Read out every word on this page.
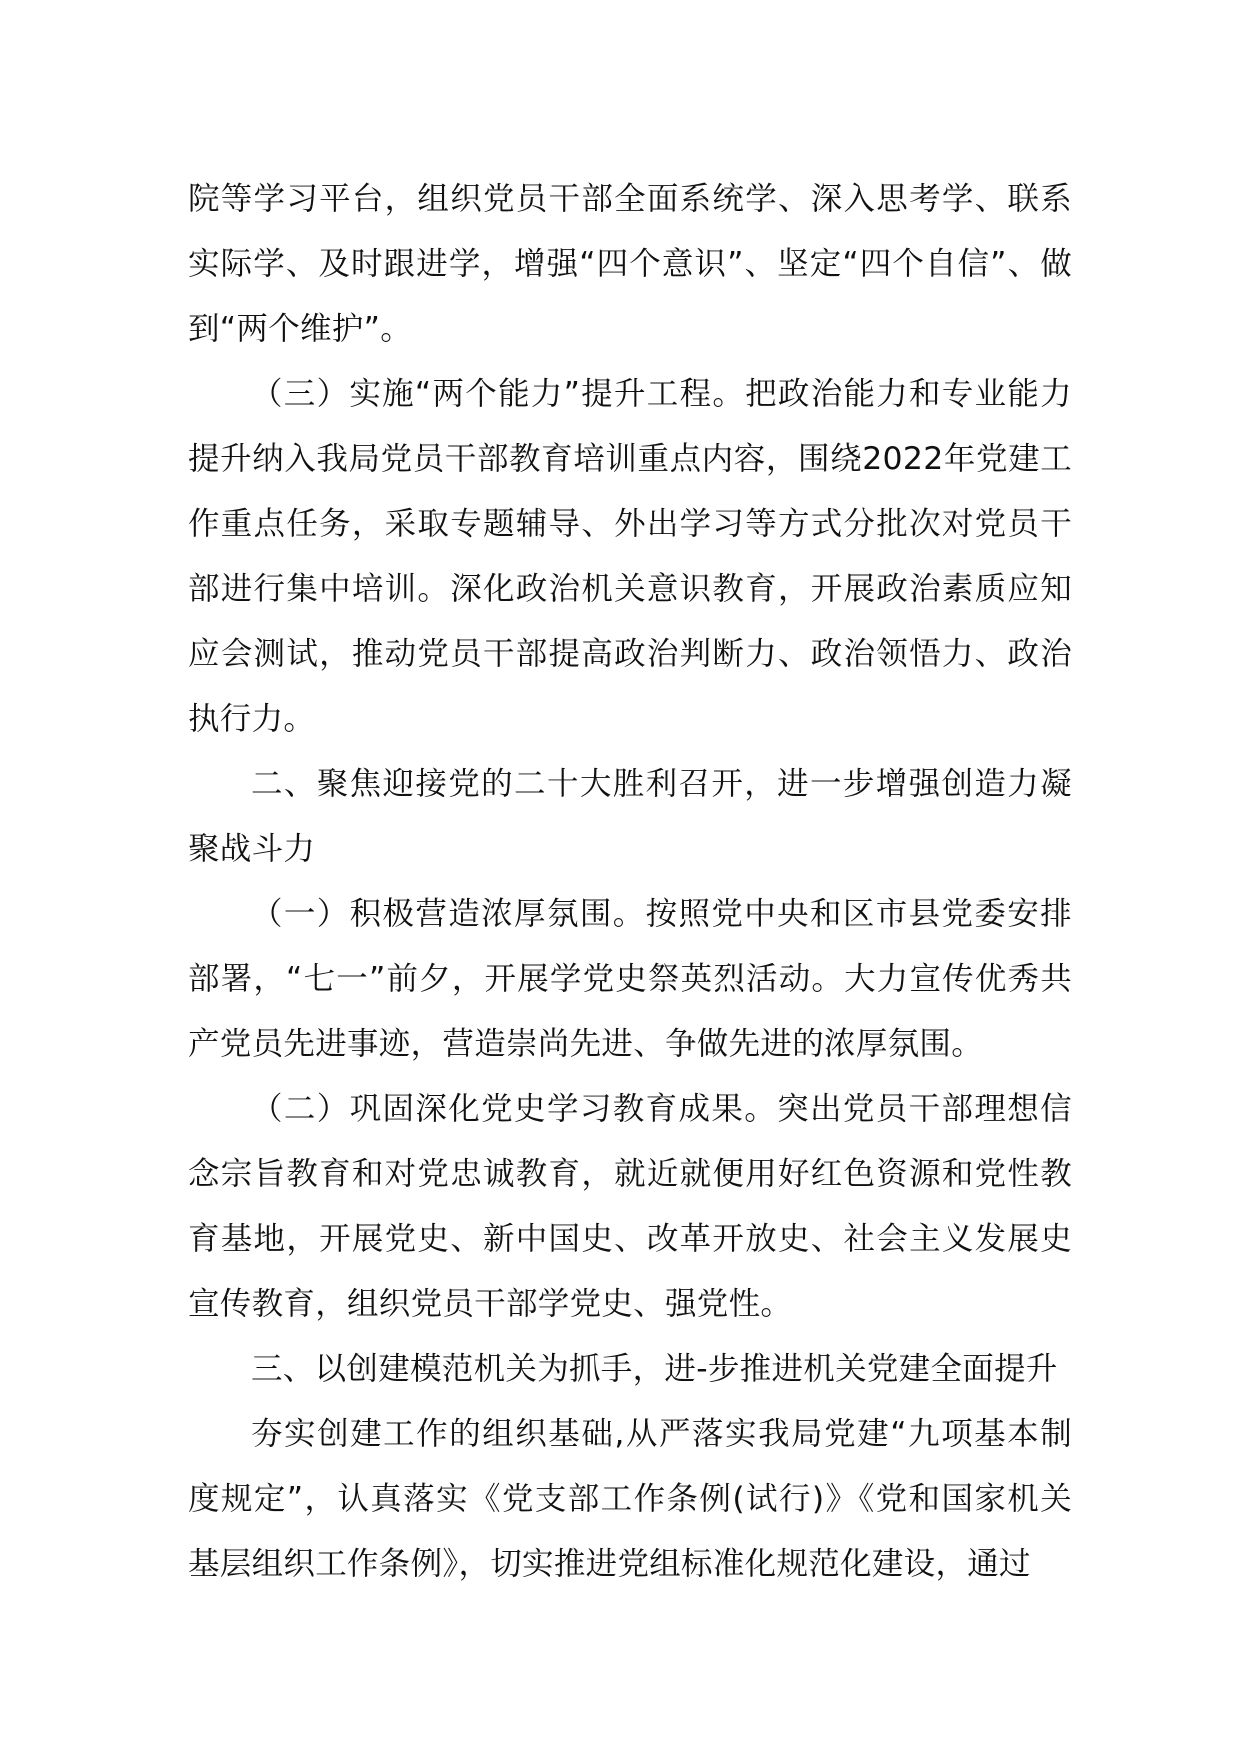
院等学习平台，组织党员干部全面系统学、深入思考学、联系实际学、及时跟进学，增强“四个意识”、坚定“四个自信”、做到“两个维护”。

（三）实施“两个能力”提升工程。把政治能力和专业能力提升纳入我局党员干部教育培训重点内容，围绕2022年党建工作重点任务，采取专题辅导、外出学习等方式分批次对党员干部进行集中培训。深化政治机关意识教育，开展政治素质应知应会测试，推动党员干部提高政治判断力、政治领悟力、政治执行力。

二、聚焦迎接党的二十大胜利召开，进一步增强创造力凝聚战斗力

（一）积极营造浓厚氛围。按照党中央和区市县党委安排部署，“七一”前夕，开展学党史祭英烈活动。大力宣传优秀共产党员先进事迹，营造崇尚先进、争做先进的浓厚氛围。

（二）巩固深化党史学习教育成果。突出党员干部理想信念宗旨教育和对党忠诚教育，就近就便用好红色资源和党性教育基地，开展党史、新中国史、改革开放史、社会主义发展史宣传教育，组织党员干部学党史、强党性。

三、以创建模范机关为抓手，进-步推进机关党建全面提升

夯实创建工作的组织基础,从严落实我局党建“九项基本制度规定”，认真落实《党支部工作条例(试行)》《党和国家机关基层组织工作条例》，切实推进党组标准化规范化建设，通过
